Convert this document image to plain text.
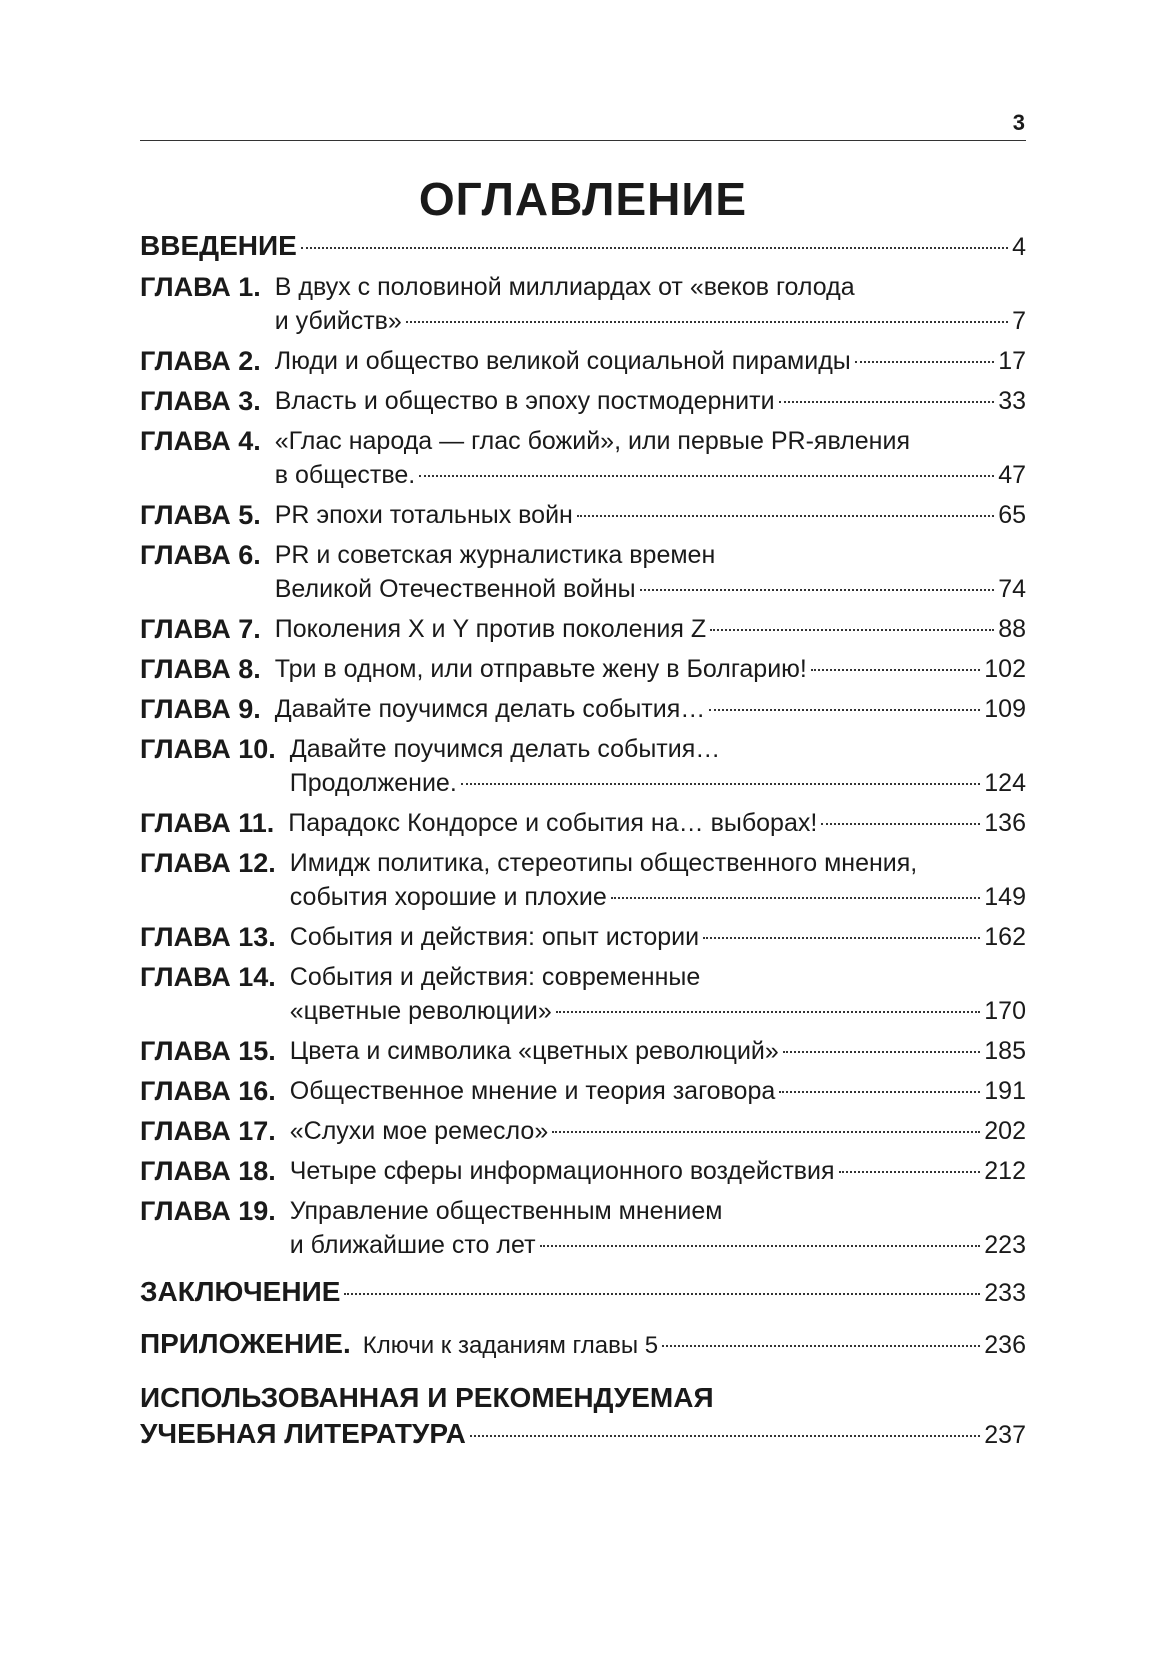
3
ОГЛАВЛЕНИЕ
ВВЕДЕНИЕ	4
ГЛАВА 1. В двух с половиной миллиардах от «веков голода
и убийств»	7
ГЛАВА 2. Люди и общество великой социальной пирамиды	17
ГЛАВА 3. Власть и общество в эпоху постмодернити	33
ГЛАВА 4. «Глас народа — глас божий», или первые PR-явления
в обществе.	47
ГЛАВА 5. PR эпохи тотальных войн	65
ГЛАВА 6. PR и советская журналистика времен
Великой Отечественной войны	74
ГЛАВА 7. Поколения X и Y против поколения Z	88
ГЛАВА 8. Три в одном, или отправьте жену в Болгарию!	102
ГЛАВА 9. Давайте поучимся делать события…	109
ГЛАВА 10. Давайте поучимся делать события…
Продолжение.	124
ГЛАВА 11. Парадокс Кондорсе и события на… выборах!	136
ГЛАВА 12. Имидж политика, стереотипы общественного мнения,
события хорошие и плохие	149
ГЛАВА 13. События и действия: опыт истории	162
ГЛАВА 14. События и действия: современные
«цветные революции»	170
ГЛАВА 15. Цвета и символика «цветных революций»	185
ГЛАВА 16. Общественное мнение и теория заговора	191
ГЛАВА 17. «Слухи мое ремесло»	202
ГЛАВА 18. Четыре сферы информационного воздействия	212
ГЛАВА 19. Управление общественным мнением
и ближайшие сто лет	223
ЗАКЛЮЧЕНИЕ	233
ПРИЛОЖЕНИЕ. Ключи к заданиям главы 5	236
ИСПОЛЬЗОВАННАЯ И РЕКОМЕНДУЕМАЯ
УЧЕБНАЯ ЛИТЕРАТУРА	237
